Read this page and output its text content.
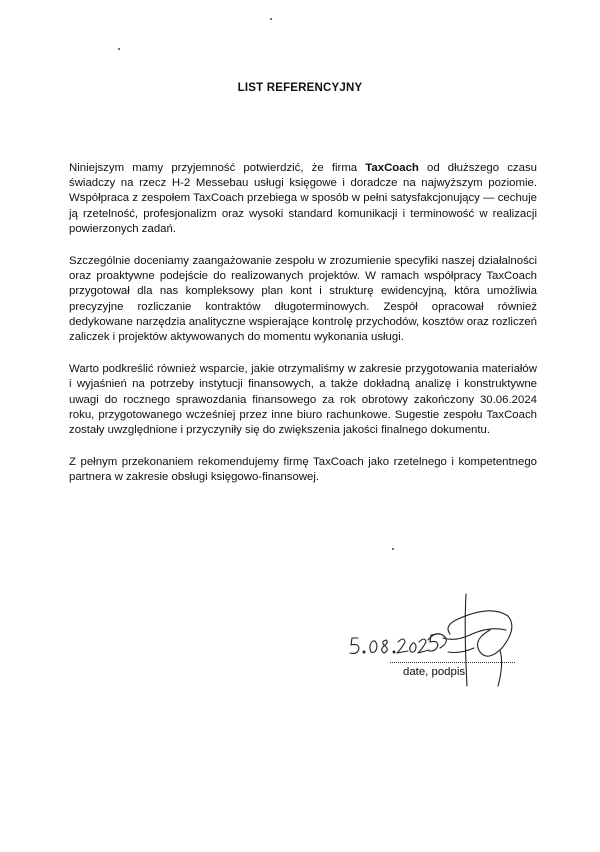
LIST REFERENCYJNY

Niniejszym mamy przyjemność potwierdzić, że firma TaxCoach od dłuższego czasu świadczy na rzecz H-2 Messebau usługi księgowe i doradcze na najwyższym poziomie. Współpraca z zespołem TaxCoach przebiega w sposób w pełni satysfakcjonujący — cechuje ją rzetelność, profesjonalizm oraz wysoki standard komunikacji i terminowość w realizacji powierzonych zadań.

Szczególnie doceniamy zaangażowanie zespołu w zrozumienie specyfiki naszej działalności oraz proaktywne podejście do realizowanych projektów. W ramach współpracy TaxCoach przygotował dla nas kompleksowy plan kont i strukturę ewidencyjną, która umożliwia precyzyjne rozliczanie kontraktów długoterminowych. Zespół opracował również dedykowane narzędzia analityczne wspierające kontrolę przychodów, kosztów oraz rozliczeń zaliczek i projektów aktywowanych do momentu wykonania usługi.

Warto podkreślić również wsparcie, jakie otrzymaliśmy w zakresie przygotowania materiałów i wyjaśnień na potrzeby instytucji finansowych, a także dokładną analizę i konstruktywne uwagi do rocznego sprawozdania finansowego za rok obrotowy zakończony 30.06.2024 roku, przygotowanego wcześniej przez inne biuro rachunkowe. Sugestie zespołu TaxCoach zostały uwzględnione i przyczyniły się do zwiększenia jakości finalnego dokumentu.

Z pełnym przekonaniem rekomendujemy firmę TaxCoach jako rzetelnego i kompetentnego partnera w zakresie obsługi księgowo-finansowej.

date, podpis
